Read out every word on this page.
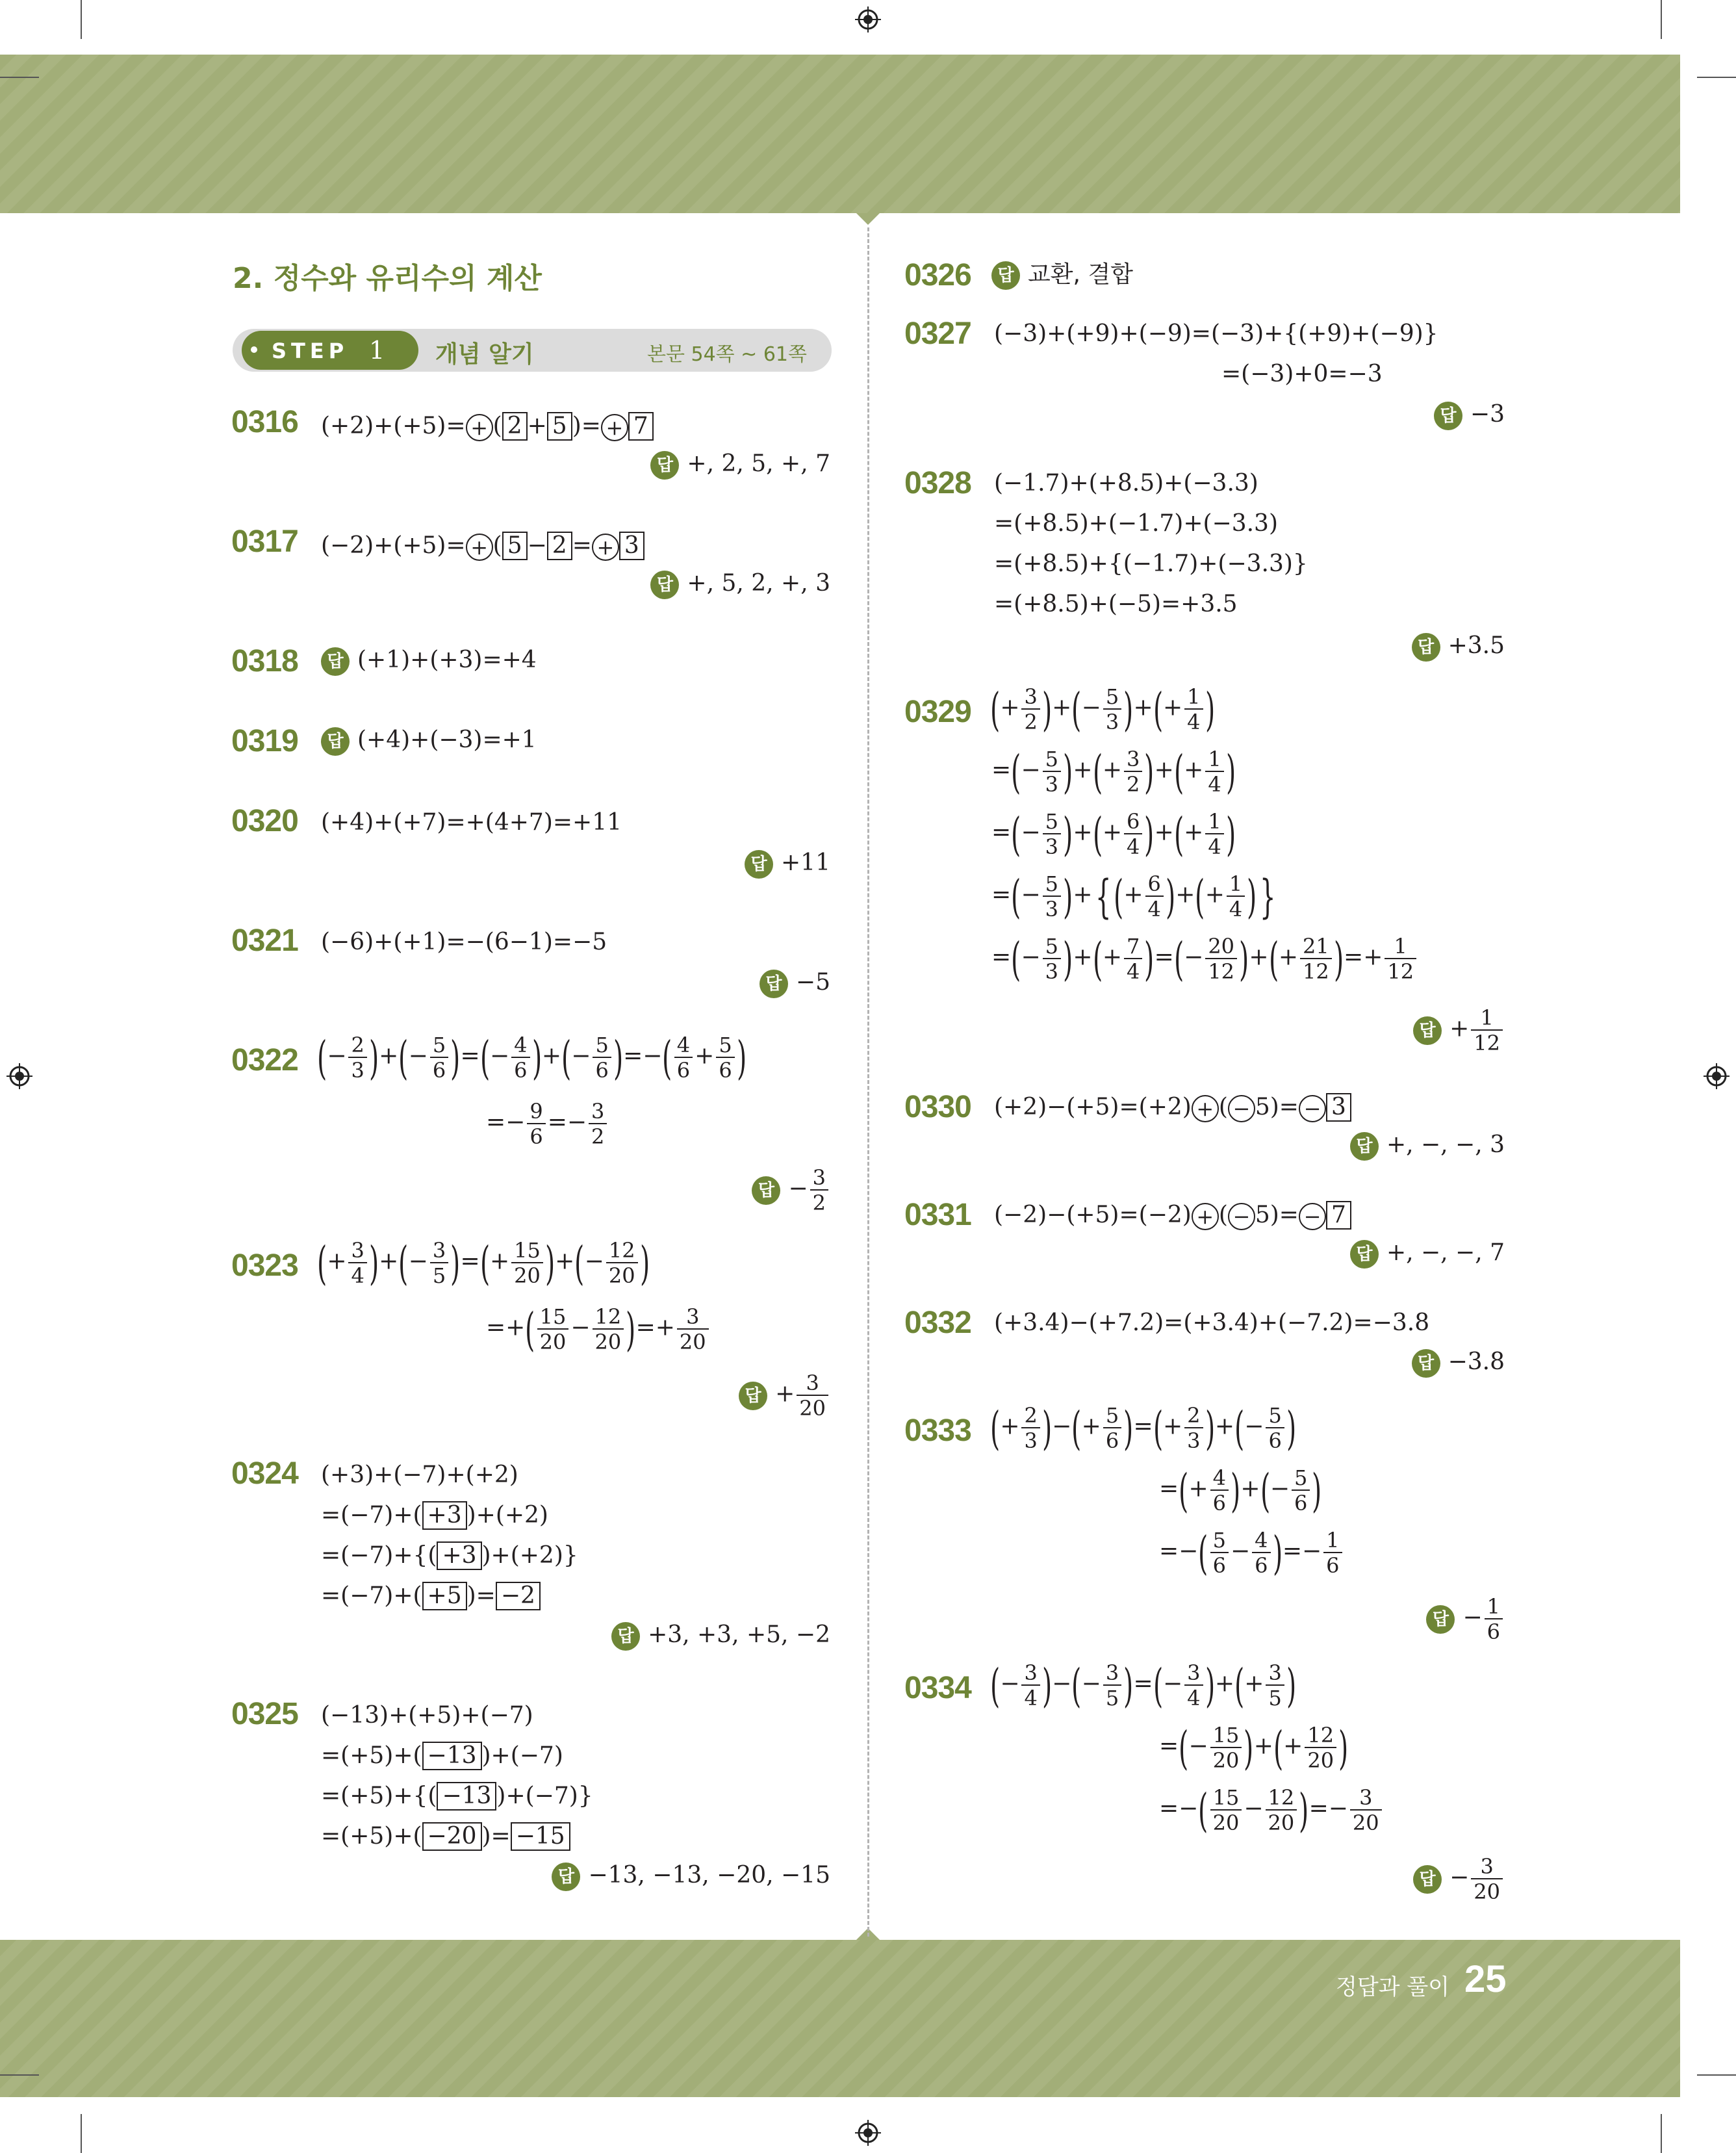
2. 정수와 유리수의 계산
STEP 1 개념 알기	본문 54쪽 ~ 61쪽
0316 (+2)+(+5)= + ( 2 + 5 )= + 7
답 +, 2, 5, +, 7
0317 (−2)+(+5)= + ( 5 − 2 = + 3
답 +, 5, 2, +, 3
0318	답 (+1)+(+3)=+4
0319	답 (+4)+(−3)=+1
0320 (+4)+(+7)=+(4+7)=+11
답 +11
0321 (−6)+(+1)=−(6−1)=−5
답 −5
0322 (− $\frac{2}{3}$ )+(− $\frac{5}{6}$ )=(− $\frac{4}{6}$ )+(− $\frac{5}{6}$ )=−( $\frac{4}{6} + \frac{5}{6}$ )
=− $\frac{9}{6} =- \frac{3}{2}$
답 − $\frac{3}{2}$
0323 (+ $\frac{3}{4}$ )+(− $\frac{3}{5}$ )=(+ $\frac{15}{20}$ )+(− $\frac{12}{20}$ )
=+( $\frac{15}{20} - \frac{12}{20}$ )=+ $\frac{3}{20}$
답 + $\frac{3}{20}$
0324 (+3)+(−7)+(+2)
=(−7)+( +3 )+(+2)
=(−7)+{( +3 )+(+2)}
=(−7)+( +5 )= −2
답 +3, +3, +5, −2
0325 (−13)+(+5)+(−7)
=(+5)+( −13 )+(−7)
=(+5)+{( −13 )+(−7)}
=(+5)+( −20 )= −15
답 −13, −13, −20, −15
0326	답 교환, 결합
0327 (−3)+(+9)+(−9)=(−3)+{(+9)+(−9)}
=(−3)+0=−3
답 −3
0328 (−1.7)+(+8.5)+(−3.3)
=(+8.5)+(−1.7)+(−3.3)
=(+8.5)+{(−1.7)+(−3.3)}
=(+8.5)+(−5)=+3.5
답 +3.5
0329 (+ $\frac{3}{2}$ )+(− $\frac{5}{3}$ )+(+ $\frac{1}{4}$ )
=(− $\frac{5}{3}$ )+(+ $\frac{3}{2}$ )+(+ $\frac{1}{4}$ )
=(− $\frac{5}{3}$ )+(+ $\frac{6}{4}$ )+(+ $\frac{1}{4}$ )
=(− $\frac{5}{3}$ )+{(+ $\frac{6}{4}$ )+(+ $\frac{1}{4}$ )}
=(− $\frac{5}{3}$ )+(+ $\frac{7}{4}$ )=(− $\frac{20}{12}$ )+(+ $\frac{21}{12}$ )=+ $\frac{1}{12}$
답 + $\frac{1}{12}$
0330 (+2)−(+5)=(+2) + ( − 5)= − 3
답 +, −, −, 3
0331 (−2)−(+5)=(−2) + ( − 5)= − 7
답 +, −, −, 7
0332 (+3.4)−(+7.2)=(+3.4)+(−7.2)=−3.8
답 −3.8
0333 (+ $\frac{2}{3}$ )−(+ $\frac{5}{6}$ )=(+ $\frac{2}{3}$ )+(− $\frac{5}{6}$ )
=(+ $\frac{4}{6}$ )+(− $\frac{5}{6}$ )
=−( $\frac{5}{6} - \frac{4}{6}$ )=− $\frac{1}{6}$
답 − $\frac{1}{6}$
0334 (− $\frac{3}{4}$ )−(− $\frac{3}{5}$ )=(− $\frac{3}{4}$ )+(+ $\frac{3}{5}$ )
=(− $\frac{15}{20}$ )+(+ $\frac{12}{20}$ )
=−( $\frac{15}{20} - \frac{12}{20}$ )=− $\frac{3}{20}$
답 − $\frac{3}{20}$
정답과 풀이 25
